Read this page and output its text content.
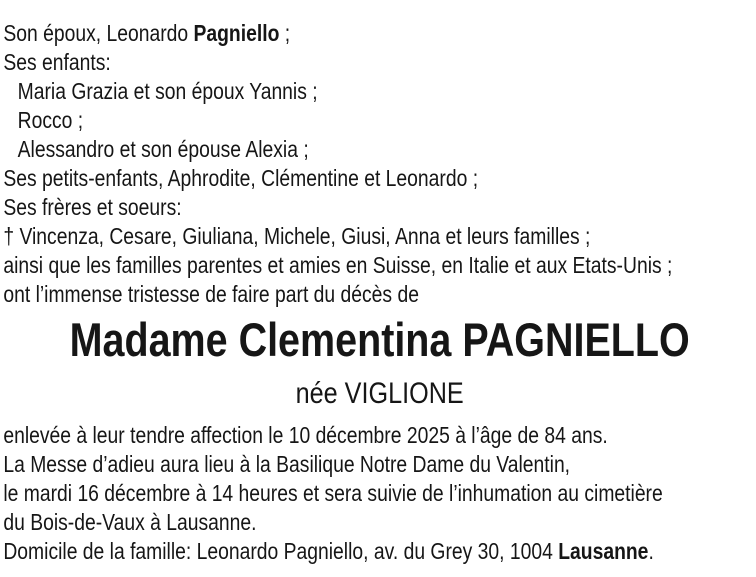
Son époux, Leonardo Pagniello ;
Ses enfants:
Maria Grazia et son époux Yannis ;
Rocco ;
Alessandro et son épouse Alexia ;
Ses petits-enfants, Aphrodite, Clémentine et Leonardo ;
Ses frères et soeurs:
† Vincenza, Cesare, Giuliana, Michele, Giusi, Anna et leurs familles ;
ainsi que les familles parentes et amies en Suisse, en Italie et aux Etats-Unis ;
ont l’immense tristesse de faire part du décès de
Madame Clementina PAGNIELLO
née VIGLIONE
enlevée à leur tendre affection le 10 décembre 2025 à l’âge de 84 ans.
La Messe d’adieu aura lieu à la Basilique Notre Dame du Valentin,
le mardi 16 décembre à 14 heures et sera suivie de l’inhumation au cimetière
du Bois-de-Vaux à Lausanne.
Domicile de la famille: Leonardo Pagniello, av. du Grey 30, 1004 Lausanne.
